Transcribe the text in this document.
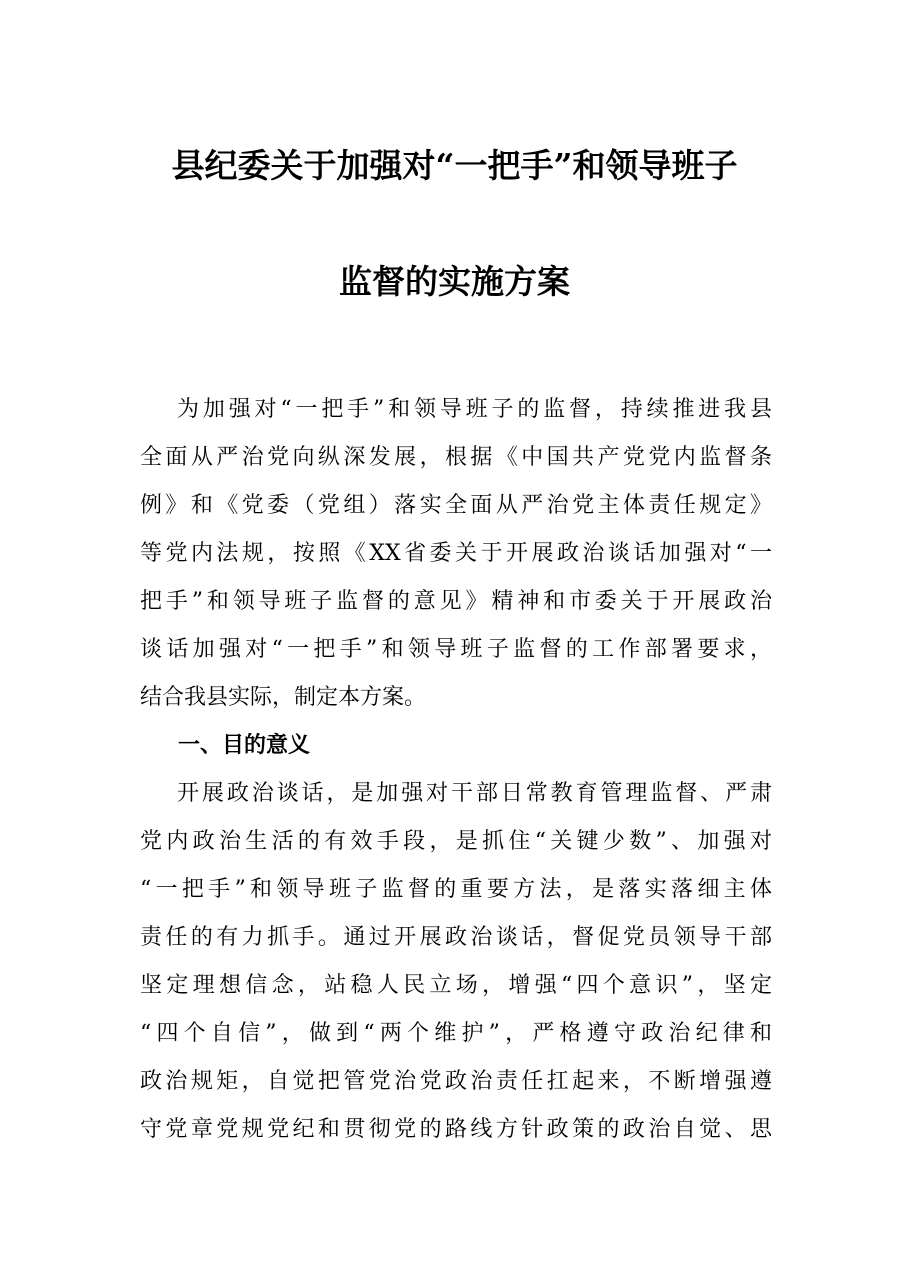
县纪委关于加强对“一把手”和领导班子
监督的实施方案
为加强对“一把手”和领导班子的监督，持续推进我县
全面从严治党向纵深发展，根据《中国共产党党内监督条
例》和《党委（党组）落实全面从严治党主体责任规定》
等党内法规，按照《XX省委关于开展政治谈话加强对“一
把手”和领导班子监督的意见》精神和市委关于开展政治
谈话加强对“一把手”和领导班子监督的工作部署要求，
结合我县实际，制定本方案。
一、目的意义
开展政治谈话，是加强对干部日常教育管理监督、严肃
党内政治生活的有效手段，是抓住“关键少数”、加强对
“一把手”和领导班子监督的重要方法，是落实落细主体
责任的有力抓手。通过开展政治谈话，督促党员领导干部
坚定理想信念，站稳人民立场，增强“四个意识”，坚定
“四个自信”，做到“两个维护”，严格遵守政治纪律和
政治规矩，自觉把管党治党政治责任扛起来，不断增强遵
守党章党规党纪和贯彻党的路线方针政策的政治自觉、思
